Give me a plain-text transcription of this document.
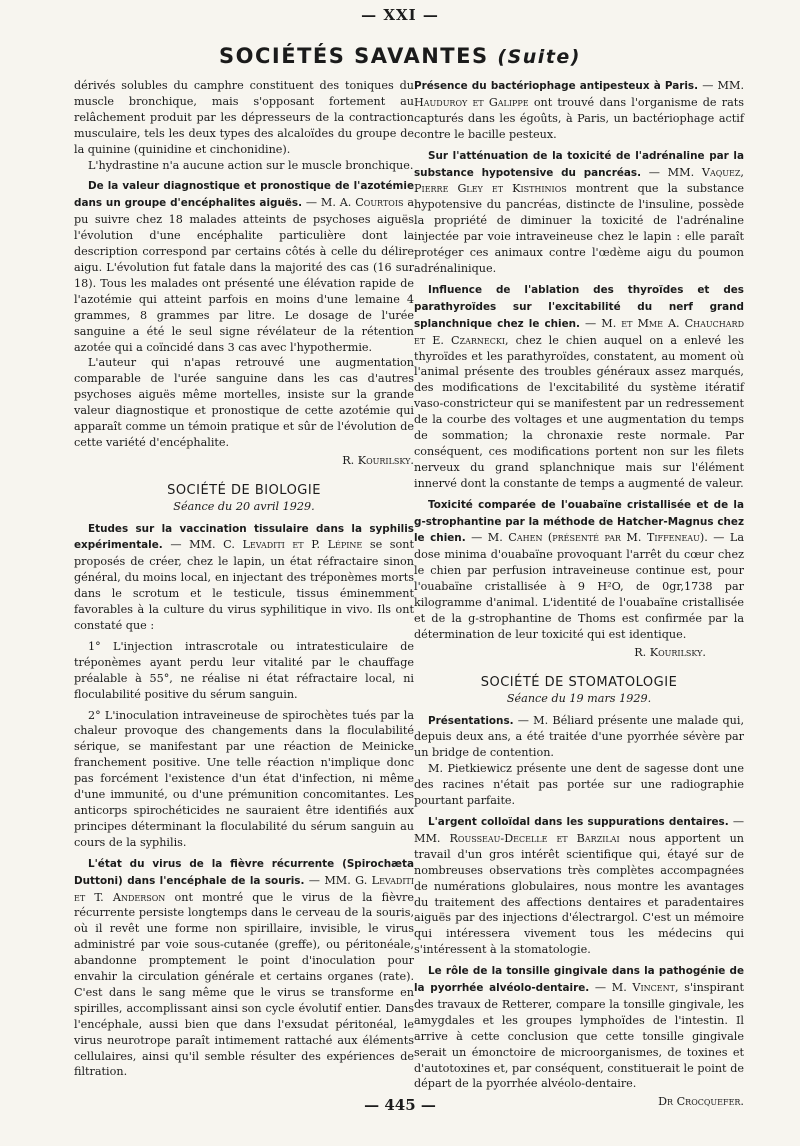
— XXI —
SOCIÉTÉS SAVANTES (Suite)

dérivés solubles du camphre constituent des toniques du muscle bronchique, mais s'opposant fortement au relâchement produit par les dépresseurs de la contraction musculaire, tels les deux types des alcaloïdes du groupe de la quinine (quinidine et cinchonidine).

L'hydrastine n'a aucune action sur le muscle bronchique.

De la valeur diagnostique et pronostique de l'azotémie dans un groupe d'encéphalites aiguës. — M. A. Courtois a pu suivre chez 18 malades atteints de psychoses aiguës l'évolution d'une encéphalite particulière dont la description correspond par certains côtés à celle du délire aigu. L'évolution fut fatale dans la majorité des cas (16 sur 18). Tous les malades ont présenté une élévation rapide de l'azotémie qui atteint parfois en moins d'une lemaine 4 grammes, 8 grammes par litre. Le dosage de l'urée sanguine a été le seul signe révélateur de la rétention azotée qui a coïncidé dans 3 cas avec l'hypothermie.

L'auteur qui n'apas retrouvé une augmentation comparable de l'urée sanguine dans les cas d'autres psychoses aiguës même mortelles, insiste sur la grande valeur diagnostique et pronostique de cette azotémie qui apparaît comme un témoin pratique et sûr de l'évolution de cette variété d'encéphalite.

R. Kourilsky.

SOCIÉTÉ DE BIOLOGIE

Séance du 20 avril 1929.

Etudes sur la vaccination tissulaire dans la syphilis expérimentale. — MM. C. Levaditi et P. Lépine se sont proposés de créer, chez le lapin, un état réfractaire sinon général, du moins local, en injectant des tréponèmes morts dans le scrotum et le testicule, tissus éminemment favorables à la culture du virus syphilitique in vivo. Ils ont constaté que :

1° L'injection intrascrotale ou intratesticulaire de tréponèmes ayant perdu leur vitalité par le chauffage préalable à 55°, ne réalise ni état réfractaire local, ni floculabilité positive du sérum sanguin.

2° L'inoculation intraveineuse de spirochètes tués par la chaleur provoque des changements dans la floculabilité sérique, se manifestant par une réaction de Meinicke franchement positive. Une telle réaction n'implique donc pas forcément l'existence d'un état d'infection, ni même d'une immunité, ou d'une prémunition concomitantes. Les anticorps spirochéticides ne sauraient être identifiés aux principes déterminant la floculabilité du sérum sanguin au cours de la syphilis.

L'état du virus de la fièvre récurrente (Spirochæta Duttoni) dans l'encéphale de la souris. — MM. G. Levaditi et T. Anderson ont montré que le virus de la fièvre récurrente persiste longtemps dans le cerveau de la souris, où il revêt une forme non spirillaire, invisible, le virus administré par voie sous-cutanée (greffe), ou péritonéale, abandonne promptement le point d'inoculation pour envahir la circulation générale et certains organes (rate). C'est dans le sang même que le virus se transforme en spirilles, accomplissant ainsi son cycle évolutif entier. Dans l'encéphale, aussi bien que dans l'exsudat péritonéal, le virus neurotrope paraît intimement rattaché aux éléments cellulaires, ainsi qu'il semble résulter des expériences de filtration.

Présence du bactériophage antipesteux à Paris. — MM. Hauduroy et Galippe ont trouvé dans l'organisme de rats capturés dans les égoûts, à Paris, un bactériophage actif contre le bacille pesteux.

Sur l'atténuation de la toxicité de l'adrénaline par la substance hypotensive du pancréas. — MM. Vaquez, Pierre Gley et Kisthinios montrent que la substance hypotensive du pancréas, distincte de l'insuline, possède la propriété de diminuer la toxicité de l'adrénaline injectée par voie intraveineuse chez le lapin : elle paraît protéger ces animaux contre l'œdème aigu du poumon adrénalinique.

Influence de l'ablation des thyroïdes et des parathyroïdes sur l'excitabilité du nerf grand splanchnique chez le chien. — M. et Mme A. Chauchard et E. Czarnecki, chez le chien auquel on a enlevé les thyroïdes et les parathyroïdes, constatent, au moment où l'animal présente des troubles généraux assez marqués, des modifications de l'excitabilité du système itératif vaso-constricteur qui se manifestent par un redressement de la courbe des voltages et une augmentation du temps de sommation; la chronaxie reste normale. Par conséquent, ces modifications portent non sur les filets nerveux du grand splanchnique mais sur l'élément innervé dont la constante de temps a augmenté de valeur.

Toxicité comparée de l'ouabaïne cristallisée et de la g-strophantine par la méthode de Hatcher-Magnus chez le chien. — M. Cahen (présenté par M. Tiffeneau). — La dose minima d'ouabaïne provoquant l'arrêt du cœur chez le chien par perfusion intraveineuse continue est, pour l'ouabaïne cristallisée à 9 H²O, de 0gr,1738 par kilogramme d'animal. L'identité de l'ouabaïne cristallisée et de la g-strophantine de Thoms est confirmée par la détermination de leur toxicité qui est identique.

R. Kourilsky.

SOCIÉTÉ DE STOMATOLOGIE

Séance du 19 mars 1929.

Présentations. — M. Béliard présente une malade qui, depuis deux ans, a été traitée d'une pyorrhée sévère par un bridge de contention.

M. Pietkiewicz présente une dent de sagesse dont une des racines n'était pas portée sur une radiographie pourtant parfaite.

L'argent colloïdal dans les suppurations dentaires. — MM. Rousseau-Decelle et Barzilai nous apportent un travail d'un gros intérêt scientifique qui, étayé sur de nombreuses observations très complètes accompagnées de numérations globulaires, nous montre les avantages du traitement des affections dentaires et paradentaires aiguës par des injections d'électrargol. C'est un mémoire qui intéressera vivement tous les médecins qui s'intéressent à la stomatologie.

Le rôle de la tonsille gingivale dans la pathogénie de la pyorrhée alvéolo-dentaire. — M. Vincent, s'inspirant des travaux de Retterer, compare la tonsille gingivale, les amygdales et les groupes lymphoïdes de l'intestin. Il arrive à cette conclusion que cette tonsille gingivale serait un émonctoire de microorganismes, de toxines et d'autotoxines et, par conséquent, constituerait le point de départ de la pyorrhée alvéolo-dentaire.

Dr Crocquefer.

— 445 —
